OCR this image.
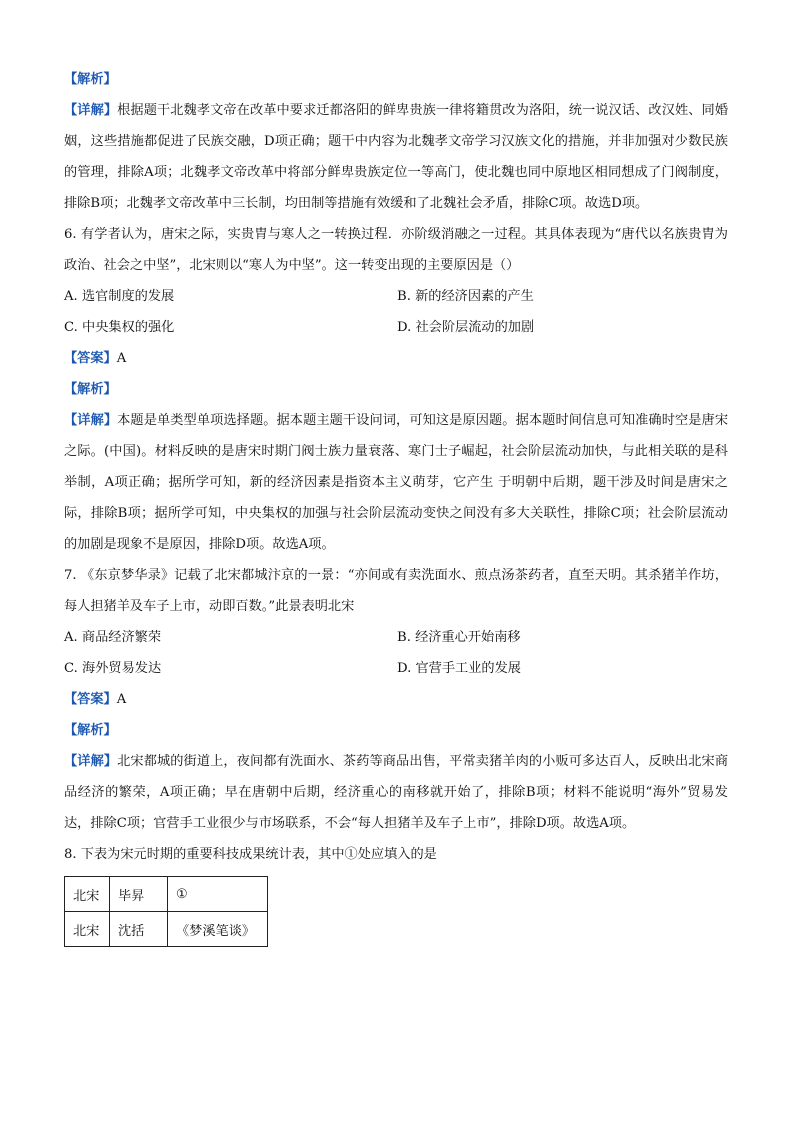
【解析】

【详解】根据题干北魏孝文帝在改革中要求迁都洛阳的鲜卑贵族一律将籍贯改为洛阳，统一说汉话、改汉姓、同婚姻，这些措施都促进了民族交融，D项正确；题干中内容为北魏孝文帝学习汉族文化的措施，并非加强对少数民族的管理，排除A项；北魏孝文帝改革中将部分鲜卑贵族定位一等高门，使北魏也同中原地区相同想成了门阀制度，排除B项；北魏孝文帝改革中三长制，均田制等措施有效缓和了北魏社会矛盾，排除C项。故选D项。

6. 有学者认为，唐宋之际，实贵胄与寒人之一转换过程．亦阶级消融之一过程。其具体表现为“唐代以名族贵胄为政治、社会之中坚”，北宋则以“寒人为中坚”。这一转变出现的主要原因是（）

A. 选官制度的发展	B. 新的经济因素的产生
C. 中央集权的强化	D. 社会阶层流动的加剧

【答案】A

【解析】

【详解】本题是单类型单项选择题。据本题主题干设问词，可知这是原因题。据本题时间信息可知准确时空是唐宋之际。(中国)。材料反映的是唐宋时期门阀士族力量衰落、寒门士子崛起，社会阶层流动加快，与此相关联的是科举制，A项正确；据所学可知，新的经济因素是指资本主义萌芽，它产生 于明朝中后期，题干涉及时间是唐宋之际，排除B项；据所学可知，中央集权的加强与社会阶层流动变快之间没有多大关联性，排除C项；社会阶层流动的加剧是现象不是原因，排除D项。故选A项。

7. 《东京梦华录》记载了北宋都城汴京的一景：“亦间或有卖洗面水、煎点汤茶药者，直至天明。其杀猪羊作坊，每人担猪羊及车子上市，动即百数。”此景表明北宋

A. 商品经济繁荣	B. 经济重心开始南移
C. 海外贸易发达	D. 官营手工业的发展

【答案】A

【解析】

【详解】北宋都城的街道上，夜间都有洗面水、茶药等商品出售，平常卖猪羊肉的小贩可多达百人，反映出北宋商品经济的繁荣，A项正确；早在唐朝中后期，经济重心的南移就开始了，排除B项；材料不能说明“海外”贸易发达，排除C项；官营手工业很少与市场联系，不会“每人担猪羊及车子上市”，排除D项。故选A项。

8. 下表为宋元时期的重要科技成果统计表，其中①处应填入的是

北宋	毕昇	①
北宋	沈括	《梦溪笔谈》
